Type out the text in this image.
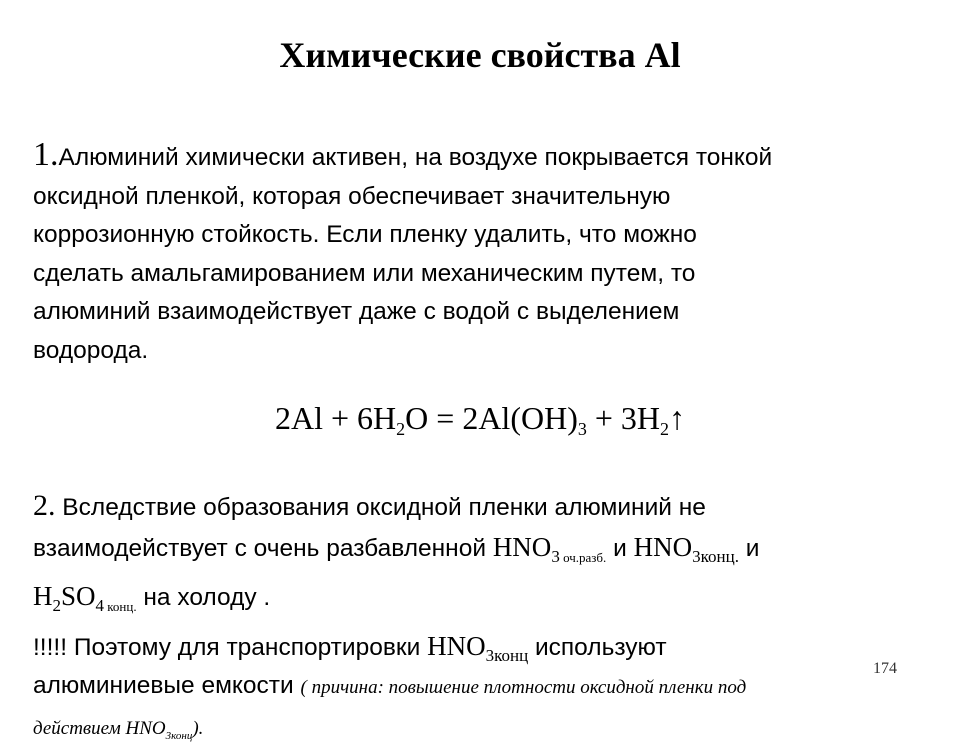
Химические свойства Al
1.Алюминий химически активен, на воздухе покрывается тонкой
оксидной пленкой, которая обеспечивает значительную
коррозионную стойкость. Если пленку удалить, что можно
сделать амальгамированием или механическим путем, то
алюминий взаимодействует даже с водой с выделением
водорода.
$2Al + 6H_2O = 2Al(OH)_3$ + $3H_2↑$
2. Вследствие образования оксидной пленки алюминий не
взаимодействует с очень разбавленной $HNO_3$ $_{оч.разб.}$ и $HNO_{3конц.}$ и
$H_2SO_4$ $_{конц.}$ на холоду .
!!!!! Поэтому для транспортировки $HNO_{3конц}$ используют
алюминиевые емкости ( причина: повышение плотности оксидной пленки под
действием $HNO_{3конц}$).
174
